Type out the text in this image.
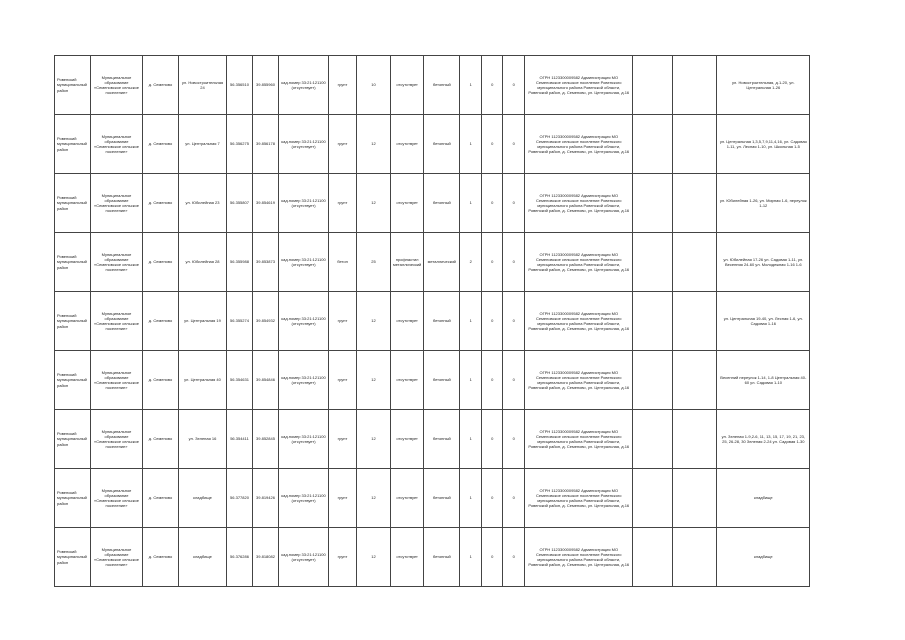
Ровенский муниципальный район	Муниципальное образование «Семеновское сельское поселение»	д. Семеново	ул. Новостроительная 24	56.356510	39.855960	кад.номер 33:21:121100 (отсутствует)	грунт	10	отсутствует	бетонный	1	0	0	ОГРН 1123300009582 Администрация МО Семеновское сельское поселение Ровенского муниципального района Ровенской области, Ровенский район, д. Семеново, ул. Центральная, д.16			ул. Новостроительная, д.1-20, ул. Центральная 1-26
Ровенский муниципальный район	Муниципальное образование «Семеновское сельское поселение»	д. Семеново	ул. Центральная 7	56.356275	39.856178	кад.номер 33:21:121100 (отсутствует)	грунт	12	отсутствует	бетонный	1	0	0	ОГРН 1123300009582 Администрация МО Семеновское сельское поселение Ровенского муниципального района Ровенской области, Ровенский район, д. Семеново, ул. Центральная, д.16			ул. Центральная 1,3,5,7,9,11,4,16, ул. Садовая 1-11, ул. Лесная 1-10, ул. Школьная 1-5
Ровенский муниципальный район	Муниципальное образование «Семеновское сельское поселение»	д. Семеново	ул. Юбилейная 23	56.355807	39.854619	кад.номер 33:21:121100 (отсутствует)	грунт	12	отсутствует	бетонный	1	0	0	ОГРН 1123300009582 Администрация МО Семеновское сельское поселение Ровенского муниципального района Ровенской области, Ровенский район, д. Семеново, ул. Центральная, д.16			ул. Юбилейная 1-26, ул. Мирная 1-6, переулок 1-12
Ровенский муниципальный район	Муниципальное образование «Семеновское сельское поселение»	д. Семеново	ул. Юбилейная 28	56.355988	39.853873	кад.номер 33:21:121100 (отсутствует)	бетон	25	профнастил металлический	металлический	2	0	0	ОГРН 1123300009582 Администрация МО Семеновское сельское поселение Ровенского муниципального района Ровенской области, Ровенский район, д. Семеново, ул. Центральная, д.16			ул. Юбилейная 17-26 ул. Садовая 1-11, ул. Весенняя 24-60 ул. Молодежная 1-16 1-6
Ровенский муниципальный район	Муниципальное образование «Семеновское сельское поселение»	д. Семеново	ул. Центральная 19	56.355274	39.854932	кад.номер 33:21:121100 (отсутствует)	грунт	12	отсутствует	бетонный	1	0	0	ОГРН 1123300009582 Администрация МО Семеновское сельское поселение Ровенского муниципального района Ровенской области, Ровенский район, д. Семеново, ул. Центральная, д.16			ул. Центральная 19-40, ул. Лесная 1-6, ул. Садовая 1-16
Ровенский муниципальный район	Муниципальное образование «Семеновское сельское поселение»	д. Семеново	ул. Центральная 40	56.354631	39.854846	кад.номер 33:21:121100 (отсутствует)	грунт	12	отсутствует	бетонный	1	0	0	ОГРН 1123300009582 Администрация МО Семеновское сельское поселение Ровенского муниципального района Ровенской области, Ровенский район, д. Семеново, ул. Центральная, д.16			Весенний переулок 1-14, 1-8 Центральная 40-60 ул. Садовая 1-10
Ровенский муниципальный район	Муниципальное образование «Семеновское сельское поселение»	д. Семеново	ул. Зеленая 16	56.354411	39.852845	кад.номер 33:21:121100 (отсутствует)	грунт	12	отсутствует	бетонный	1	0	0	ОГРН 1123300009582 Администрация МО Семеновское сельское поселение Ровенского муниципального района Ровенской области, Ровенский район, д. Семеново, ул. Центральная, д.16			ул. Зеленая 1-9,2-6, 11, 13, 15, 17, 19, 21, 23, 25, 26-28, 30 Зеленая 2-24 ул. Садовая 1-30
Ровенский муниципальный район	Муниципальное образование «Семеновское сельское поселение»	д. Семеново	кладбище	56.377820	39.819426	кад.номер 33:21:121100 (отсутствует)	грунт	12	отсутствует	бетонный	1	0	0	ОГРН 1123300009582 Администрация МО Семеновское сельское поселение Ровенского муниципального района Ровенской области, Ровенский район, д. Семеново, ул. Центральная, д.16			кладбище
Ровенский муниципальный район	Муниципальное образование «Семеновское сельское поселение»	д. Семеново	кладбище	56.376286	39.818082	кад.номер 33:21:121100 (отсутствует)	грунт	12	отсутствует	бетонный	1	0	0	ОГРН 1123300009582 Администрация МО Семеновское сельское поселение Ровенского муниципального района Ровенской области, Ровенский район, д. Семеново, ул. Центральная, д.16			кладбище
